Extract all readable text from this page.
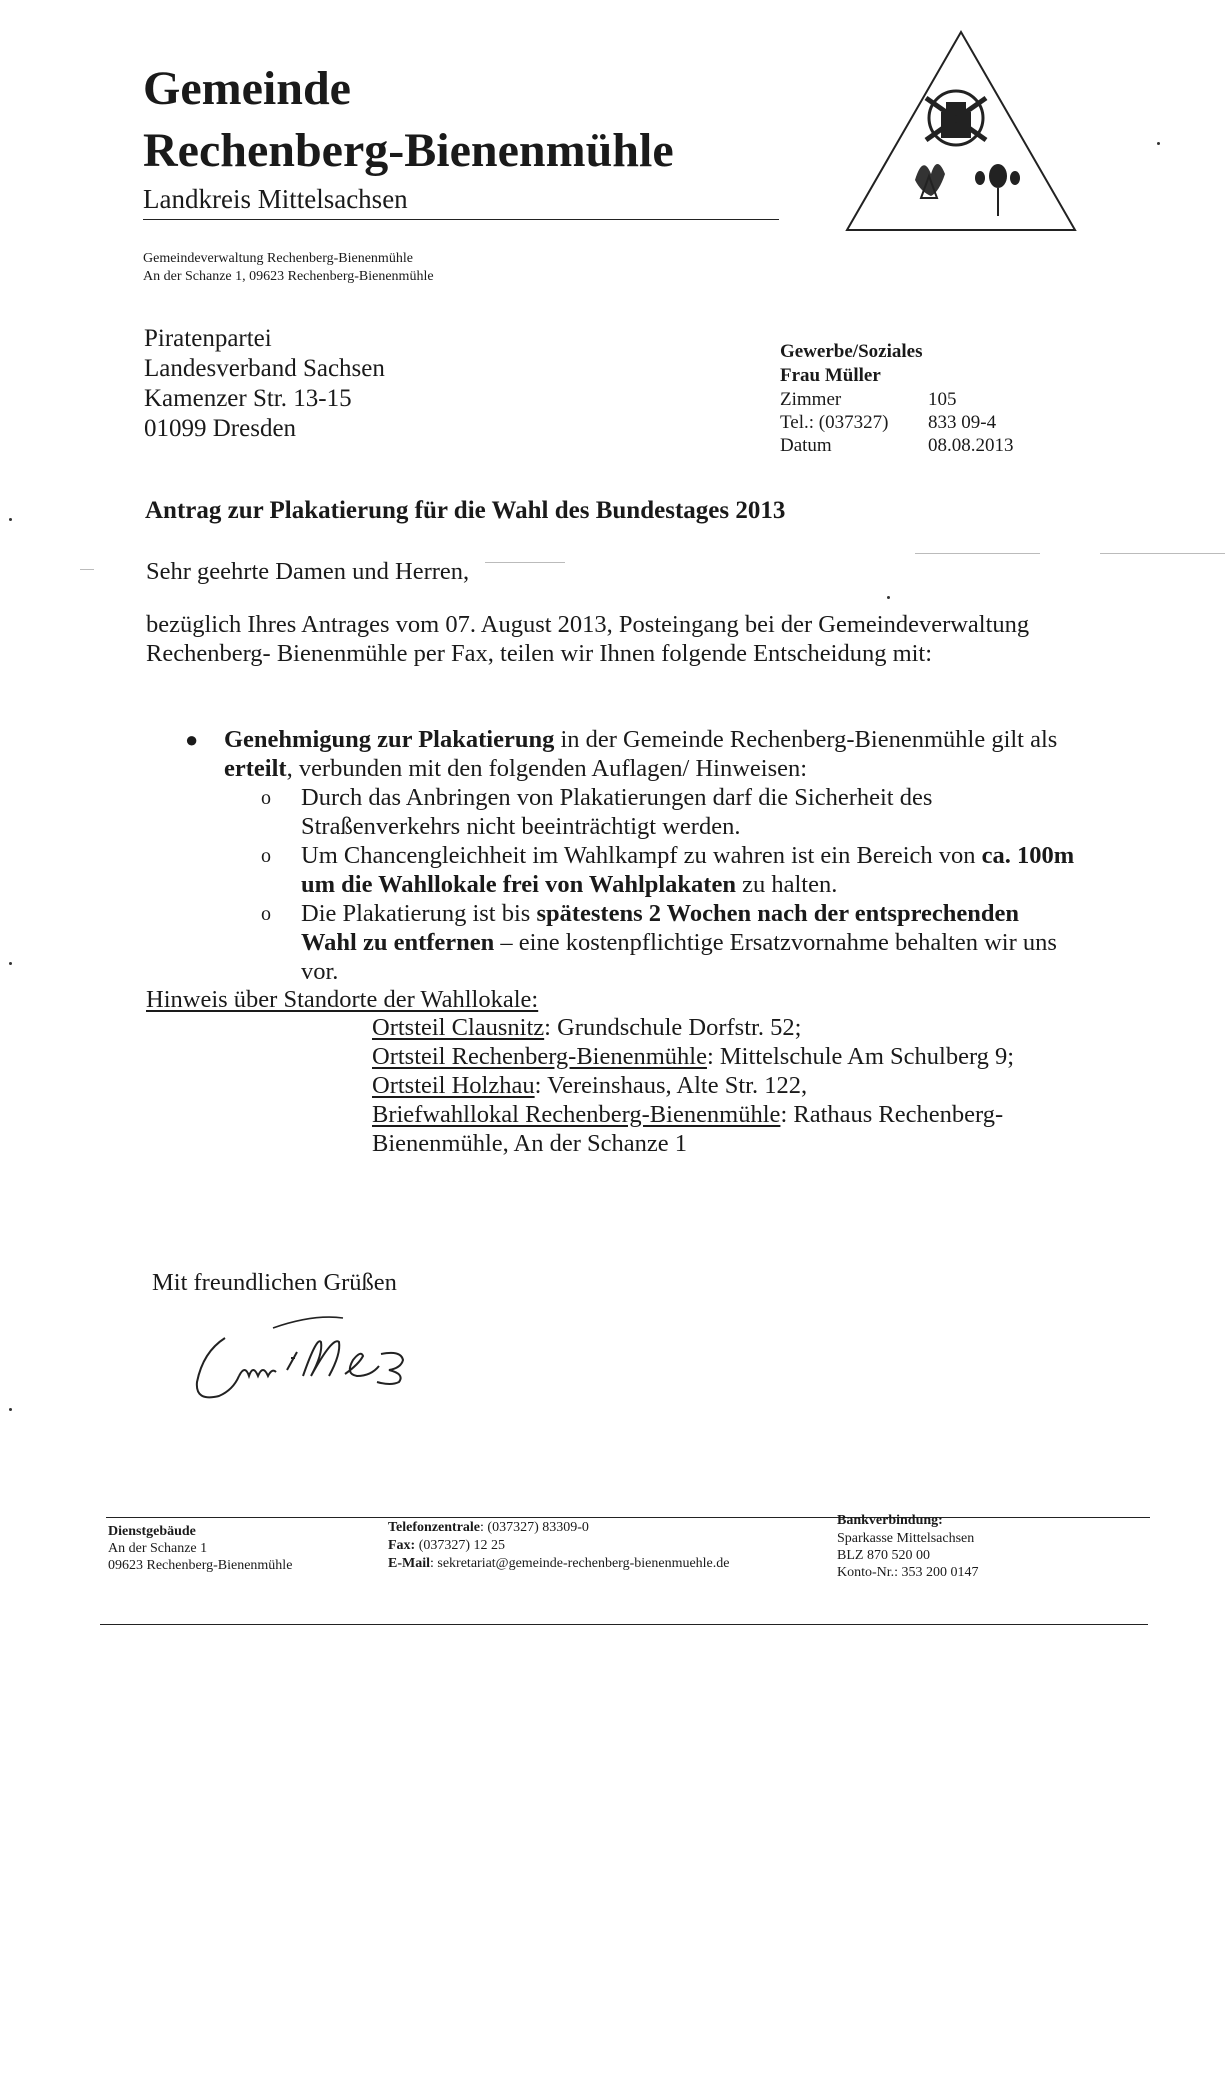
Gemeinde
Rechenberg-Bienenmühle
Landkreis Mittelsachsen
Gemeindeverwaltung Rechenberg-Bienenmühle
An der Schanze 1, 09623 Rechenberg-Bienenmühle
Piratenpartei
Landesverband Sachsen
Kamenzer Str. 13-15
01099 Dresden
Gewerbe/Soziales
Frau Müller
Zimmer	105
Tel.: (037327) 833 09-4
Datum	08.08.2013
Antrag zur Plakatierung für die Wahl des Bundestages 2013
Sehr geehrte Damen und Herren,
bezüglich Ihres Antrages vom 07. August 2013, Posteingang bei der Gemeindeverwaltung
Rechenberg- Bienenmühle per Fax, teilen wir Ihnen folgende Entscheidung mit:
● Genehmigung zur Plakatierung in der Gemeinde Rechenberg-Bienenmühle gilt als
erteilt, verbunden mit den folgenden Auflagen/ Hinweisen:
o Durch das Anbringen von Plakatierungen darf die Sicherheit des
Straßenverkehrs nicht beeinträchtigt werden.
o Um Chancengleichheit im Wahlkampf zu wahren ist ein Bereich von ca. 100m
um die Wahllokale frei von Wahlplakaten zu halten.
o Die Plakatierung ist bis spätestens 2 Wochen nach der entsprechenden
Wahl zu entfernen – eine kostenpflichtige Ersatzvornahme behalten wir uns
vor.
Hinweis über Standorte der Wahllokale:
Ortsteil Clausnitz: Grundschule Dorfstr. 52;
Ortsteil Rechenberg-Bienenmühle: Mittelschule Am Schulberg 9;
Ortsteil Holzhau: Vereinshaus, Alte Str. 122,
Briefwahllokal Rechenberg-Bienenmühle: Rathaus Rechenberg-
Bienenmühle, An der Schanze 1
Mit freundlichen Grüßen
Dienstgebäude
An der Schanze 1
09623 Rechenberg-Bienenmühle
Telefonzentrale: (037327) 83309-0
Fax: (037327) 12 25
E-Mail: sekretariat@gemeinde-rechenberg-bienenmuehle.de
Bankverbindung:
Sparkasse Mittelsachsen
BLZ 870 520 00
Konto-Nr.: 353 200 0147
